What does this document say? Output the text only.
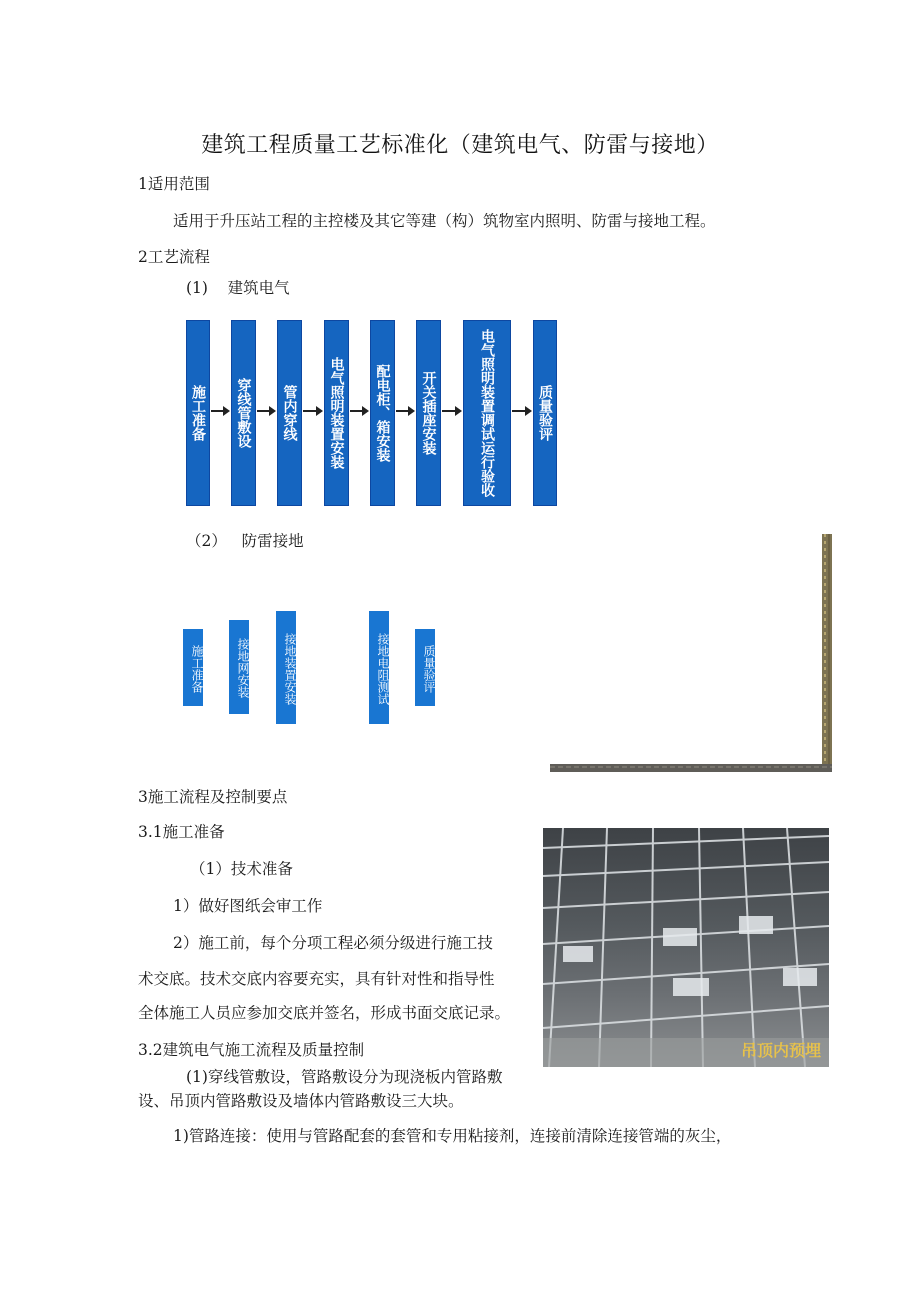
建筑工程质量工艺标准化（建筑电气、防雷与接地）
1适用范围
适用于升压站工程的主控楼及其它等建（构）筑物室内照明、防雷与接地工程。
2工艺流程
(1)    建筑电气
施工准备	穿线管敷设	管内穿线	电气照明装置安装	配电柜、箱安装	开关插座安装	电气照明装置调试运行验收	质量验评
（2）   防雷接地
施工准备	接地网安装	接地装置安装	接地电阻测试	质量验评
3施工流程及控制要点
3.1施工准备
（1）技术准备
1）做好图纸会审工作
2）施工前，每个分项工程必须分级进行施工技
术交底。技术交底内容要充实，具有针对性和指导性
全体施工人员应参加交底并签名，形成书面交底记录。
3.2建筑电气施工流程及质量控制
(1)穿线管敷设，管路敷设分为现浇板内管路敷
设、吊顶内管路敷设及墙体内管路敷设三大块。
1)管路连接：使用与管路配套的套管和专用粘接剂，连接前清除连接管端的灰尘，
吊顶内预埋
